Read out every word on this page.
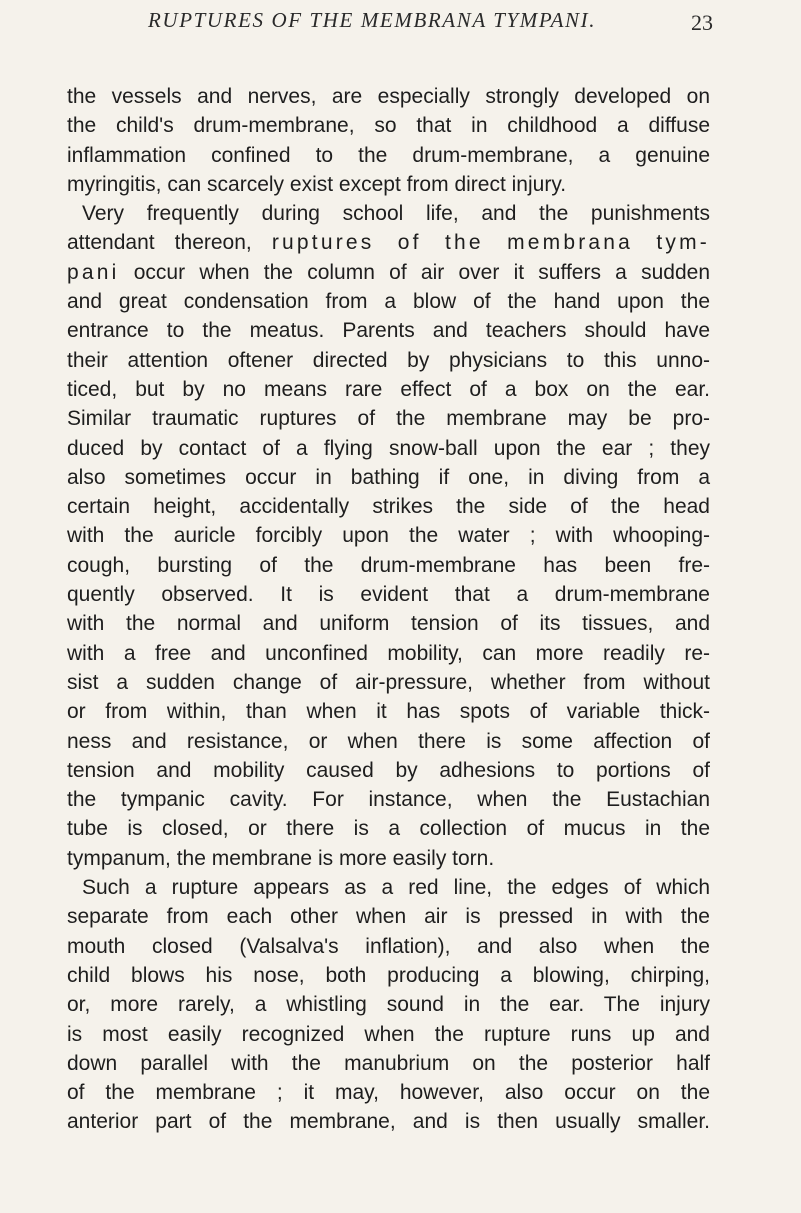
RUPTURES OF THE MEMBRANA TYMPANI.	23
the vessels and nerves, are especially strongly developed on
the child's drum-membrane, so that in childhood a diffuse
inflammation confined to the drum-membrane, a genuine
myringitis, can scarcely exist except from direct injury.
Very frequently during school life, and the punishments
attendant thereon, ruptures of the membrana tym-
pani occur when the column of air over it suffers a sudden
and great condensation from a blow of the hand upon the
entrance to the meatus. Parents and teachers should have
their attention oftener directed by physicians to this unno-
ticed, but by no means rare effect of a box on the ear.
Similar traumatic ruptures of the membrane may be pro-
duced by contact of a flying snow-ball upon the ear ; they
also sometimes occur in bathing if one, in diving from a
certain height, accidentally strikes the side of the head
with the auricle forcibly upon the water ; with whooping-
cough, bursting of the drum-membrane has been fre-
quently observed. It is evident that a drum-membrane
with the normal and uniform tension of its tissues, and
with a free and unconfined mobility, can more readily re-
sist a sudden change of air-pressure, whether from without
or from within, than when it has spots of variable thick-
ness and resistance, or when there is some affection of
tension and mobility caused by adhesions to portions of
the tympanic cavity. For instance, when the Eustachian
tube is closed, or there is a collection of mucus in the
tympanum, the membrane is more easily torn.
Such a rupture appears as a red line, the edges of which
separate from each other when air is pressed in with the
mouth closed (Valsalva's inflation), and also when the
child blows his nose, both producing a blowing, chirping,
or, more rarely, a whistling sound in the ear. The injury
is most easily recognized when the rupture runs up and
down parallel with the manubrium on the posterior half
of the membrane ; it may, however, also occur on the
anterior part of the membrane, and is then usually smaller.
